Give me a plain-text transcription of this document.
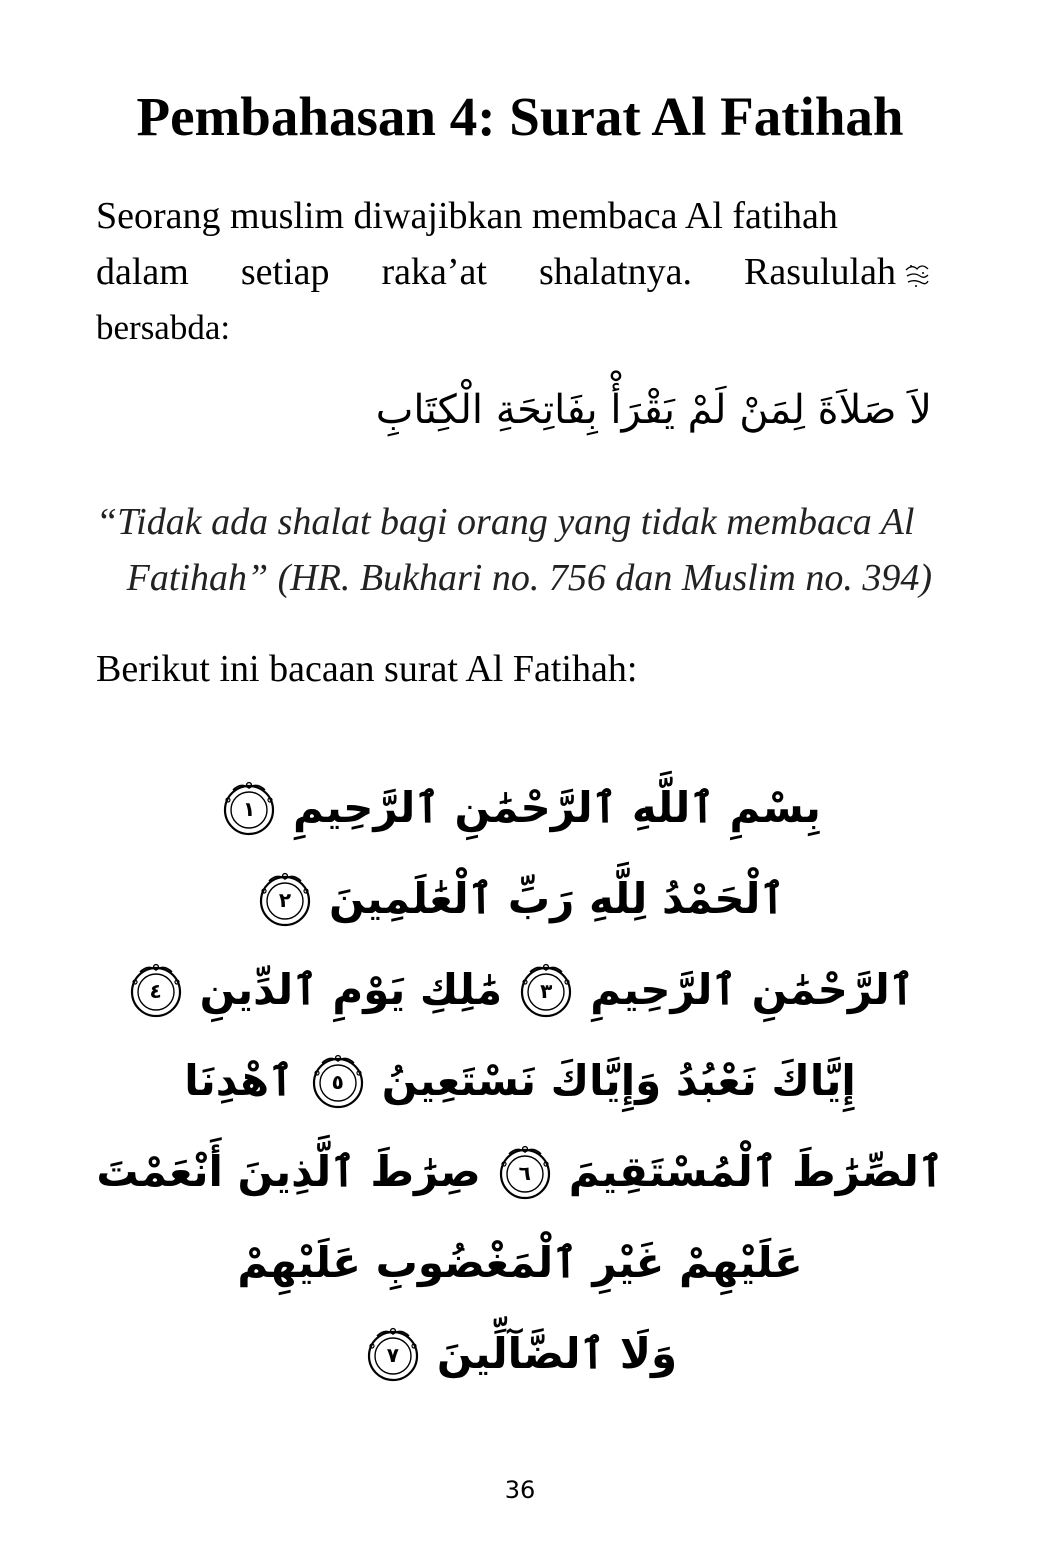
Pembahasan 4: Surat Al Fatihah
Seorang muslim diwajibkan membaca Al fatihah
dalam setiap raka’at shalatnya. Rasululah
bersabda:

لاَ صَلاَةَ لِمَنْ لَمْ يَقْرَأْ بِفَاتِحَةِ الْكِتَابِ

“Tidak ada shalat bagi orang yang tidak membaca Al
Fatihah” (HR. Bukhari no. 756 dan Muslim no. 394)

Berikut ini bacaan surat Al Fatihah:

بِسْمِ ٱللَّهِ ٱلرَّحْمَٰنِ ٱلرَّحِيمِ
١
ٱلْحَمْدُ لِلَّهِ رَبِّ ٱلْعَٰلَمِينَ
٢
ٱلرَّحْمَٰنِ ٱلرَّحِيمِ
٣
مَٰلِكِ يَوْمِ ٱلدِّينِ
٤
إِيَّاكَ نَعْبُدُ وَإِيَّاكَ نَسْتَعِينُ
٥
ٱهْدِنَا
ٱلصِّرَٰطَ ٱلْمُسْتَقِيمَ
٦
صِرَٰطَ ٱلَّذِينَ أَنْعَمْتَ
عَلَيْهِمْ غَيْرِ ٱلْمَغْضُوبِ عَلَيْهِمْ
وَلَا ٱلضَّآلِّينَ
٧

36
